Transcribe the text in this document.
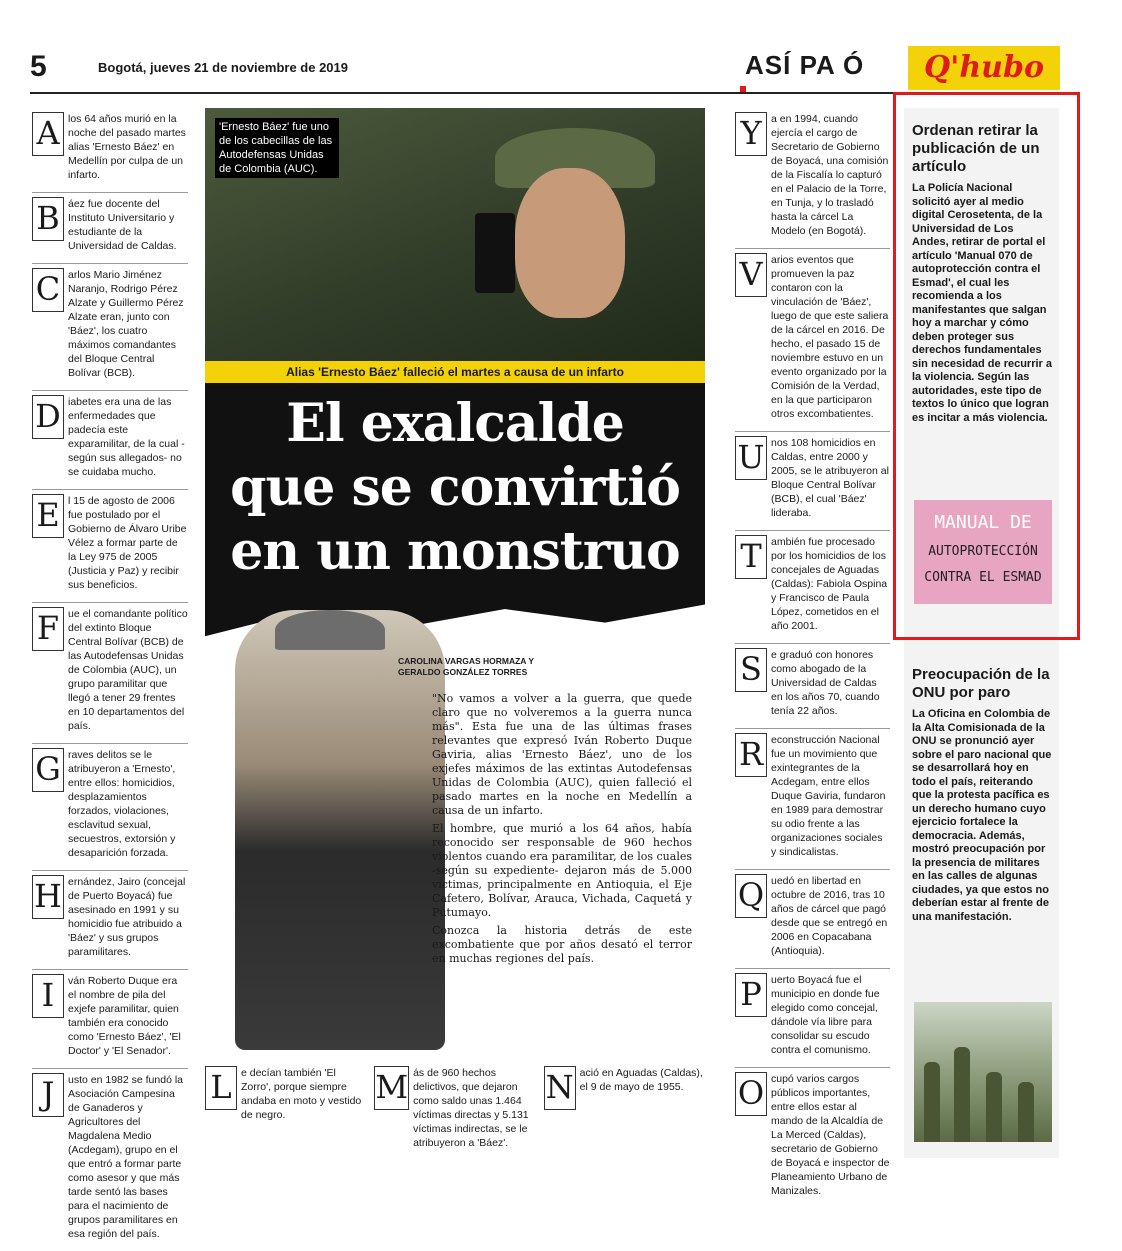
5	Bogotá, jueves 21 de noviembre de 2019	ASÍ PA Ó	Q'hubo
A los 64 años murió en la noche del pasado martes alias 'Ernesto Báez' en Medellín por culpa de un infarto.
B áez fue docente del Instituto Universitario y estudiante de la Universidad de Caldas.
C arlos Mario Jiménez Naranjo, Rodrigo Pérez Alzate y Guillermo Pérez Alzate eran, junto con 'Báez', los cuatro máximos comandantes del Bloque Central Bolívar (BCB).
D iabetes era una de las enfermedades que padecía este exparamilitar, de la cual -según sus allegados- no se cuidaba mucho.
E l 15 de agosto de 2006 fue postulado por el Gobierno de Álvaro Uribe Vélez a formar parte de la Ley 975 de 2005 (Justicia y Paz) y recibir sus beneficios.
F ue el comandante político del extinto Bloque Central Bolívar (BCB) de las Autodefensas Unidas de Colombia (AUC), un grupo paramilitar que llegó a tener 29 frentes en 10 departamentos del país.
G raves delitos se le atribuyeron a 'Ernesto', entre ellos: homicidios, desplazamientos forzados, violaciones, esclavitud sexual, secuestros, extorsión y desaparición forzada.
H ernández, Jairo (concejal de Puerto Boyacá) fue asesinado en 1991 y su homicidio fue atribuido a 'Báez' y sus grupos paramilitares.
I	ván Roberto Duque era el nombre de pila del exjefe paramilitar, quien también era conocido como 'Ernesto Báez', 'El Doctor' y 'El Senador'.
J	usto en 1982 se fundó la Asociación Campesina de Ganaderos y Agricultores del Magdalena Medio (Acdegam), grupo en el que entró a formar parte como asesor y que más tarde sentó las bases para el nacimiento de grupos paramilitares en esa región del país.
'Ernesto Báez' fue uno de los cabecillas de las Autodefensas Unidas de Colombia (AUC).
Alias 'Ernesto Báez' falleció el martes a causa de un infarto
El exalcalde
que se convirtió
en un monstruo
CAROLINA VARGAS HORMAZA Y
GERALDO GONZÁLEZ TORRES

"No vamos a volver a la guerra, que quede claro que no volveremos a la guerra nunca más". Esta fue una de las últimas frases relevantes que expresó Iván Roberto Duque Gaviria, alias 'Ernesto Báez', uno de los exjefes máximos de las extintas Autodefensas Unidas de Colombia (AUC), quien falleció el pasado martes en la noche en Medellín a causa de un infarto.

El hombre, que murió a los 64 años, había reconocido ser responsable de 960 hechos violentos cuando era paramilitar, de los cuales -según su expediente- dejaron más de 5.000 víctimas, principalmente en Antioquia, el Eje Cafetero, Bolívar, Arauca, Vichada, Caquetá y Putumayo.

Conozca la historia detrás de este excombatiente que por años desató el terror en muchas regiones del país.

L e decían también 'El Zorro', porque siempre andaba en moto y vestido de negro.
M ás de 960 hechos delictivos, que dejaron como saldo unas 1.464 víctimas directas y 5.131 víctimas indirectas, se le atribuyeron a 'Báez'.
N ació en Aguadas (Caldas), el 9 de mayo de 1955.
Y a en 1994, cuando ejercía el cargo de Secretario de Gobierno de Boyacá, una comisión de la Fiscalía lo capturó en el Palacio de la Torre, en Tunja, y lo trasladó hasta la cárcel La Modelo (en Bogotá).
V arios eventos que promueven la paz contaron con la vinculación de 'Báez', luego de que este saliera de la cárcel en 2016. De hecho, el pasado 15 de noviembre estuvo en un evento organizado por la Comisión de la Verdad, en la que participaron otros excombatientes.
U nos 108 homicidios en Caldas, entre 2000 y 2005, se le atribuyeron al Bloque Central Bolívar (BCB), el cual 'Báez' lideraba.
T ambién fue procesado por los homicidios de los concejales de Aguadas (Caldas): Fabiola Ospina y Francisco de Paula López, cometidos en el año 2001.
S e graduó con honores como abogado de la Universidad de Caldas en los años 70, cuando tenía 22 años.
R econstrucción Nacional fue un movimiento que exintegrantes de la Acdegam, entre ellos Duque Gaviria, fundaron en 1989 para demostrar su odio frente a las organizaciones sociales y sindicalistas.
Q uedó en libertad en octubre de 2016, tras 10 años de cárcel que pagó desde que se entregó en 2006 en Copacabana (Antioquia).
P uerto Boyacá fue el municipio en donde fue elegido como concejal, dándole vía libre para consolidar su escudo contra el comunismo.
O cupó varios cargos públicos importantes, entre ellos estar al mando de la Alcaldía de La Merced (Caldas), secretario de Gobierno de Boyacá e inspector de Planeamiento Urbano de Manizales.
Ordenan retirar la publicación de un artículo
La Policía Nacional solicitó ayer al medio digital Cerosetenta, de la Universidad de Los Andes, retirar de portal el artículo 'Manual 070 de autoprotección contra el Esmad', el cual les recomienda a los manifestantes que salgan hoy a marchar y cómo deben proteger sus derechos fundamentales sin necesidad de recurrir a la violencia. Según las autoridades, este tipo de textos lo único que logran es incitar a más violencia.
MANUAL DE
AUTOPROTECCIÓN
CONTRA EL ESMAD
Preocupación de la ONU por paro
La Oficina en Colombia de la Alta Comisionada de la ONU se pronunció ayer sobre el paro nacional que se desarrollará hoy en todo el país, reiterando que la protesta pacífica es un derecho humano cuyo ejercicio fortalece la democracia. Además, mostró preocupación por la presencia de militares en las calles de algunas ciudades, ya que estos no deberían estar al frente de una manifestación.
